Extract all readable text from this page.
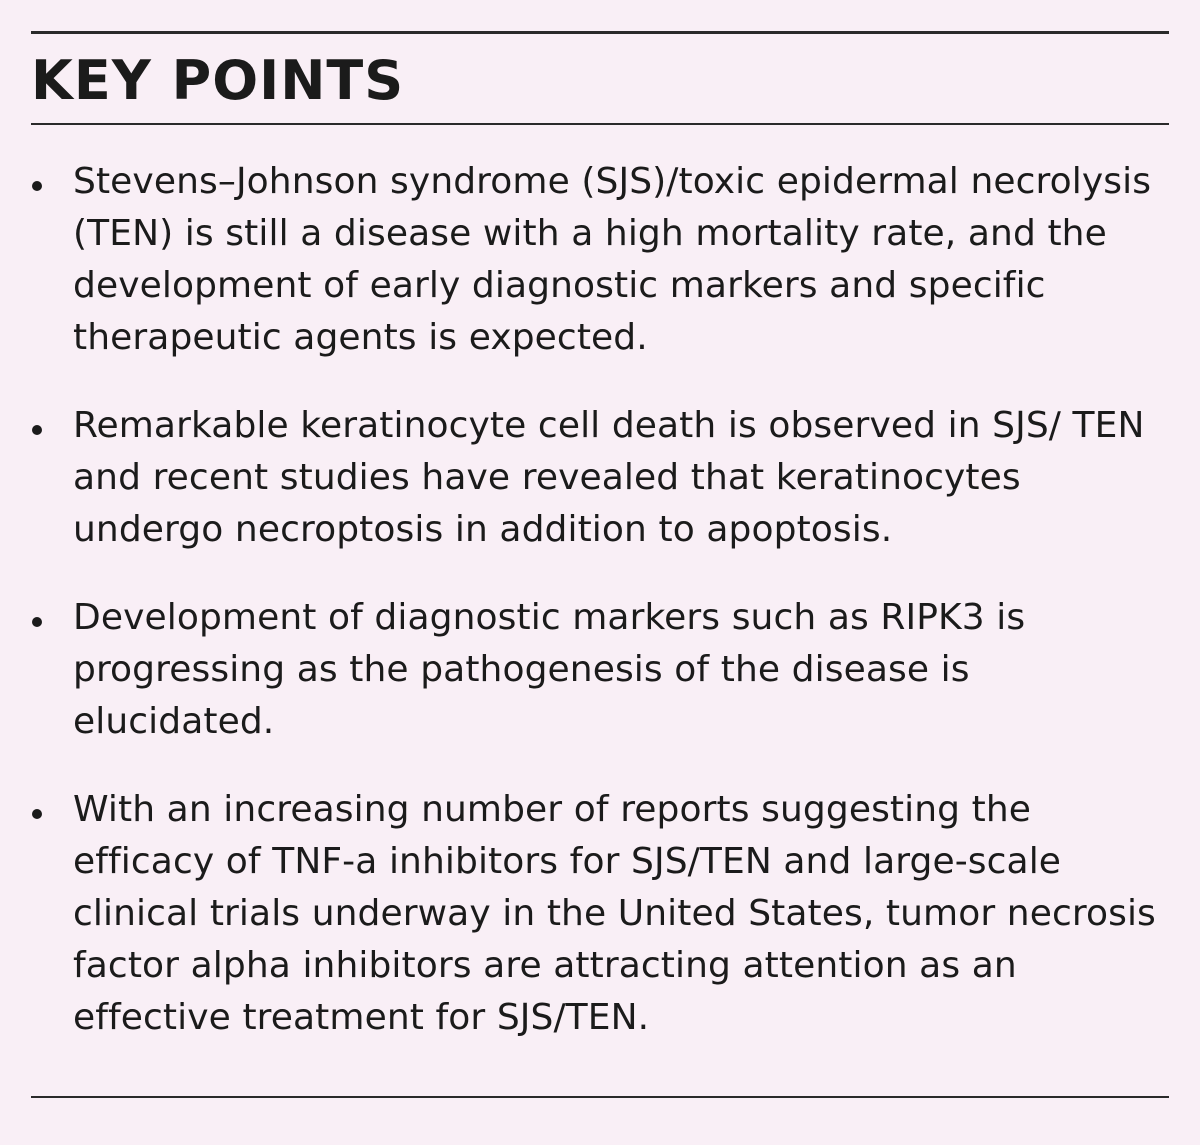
KEY POINTS
Stevens–Johnson syndrome (SJS)/toxic epidermal necrolysis (TEN) is still a disease with a high mortality rate, and the development of early diagnostic markers and specific therapeutic agents is expected.
Remarkable keratinocyte cell death is observed in SJS/ TEN and recent studies have revealed that keratinocytes undergo necroptosis in addition to apoptosis.
Development of diagnostic markers such as RIPK3 is progressing as the pathogenesis of the disease is elucidated.
With an increasing number of reports suggesting the efficacy of TNF-a inhibitors for SJS/TEN and large-scale clinical trials underway in the United States, tumor necrosis factor alpha inhibitors are attracting attention as an effective treatment for SJS/TEN.
